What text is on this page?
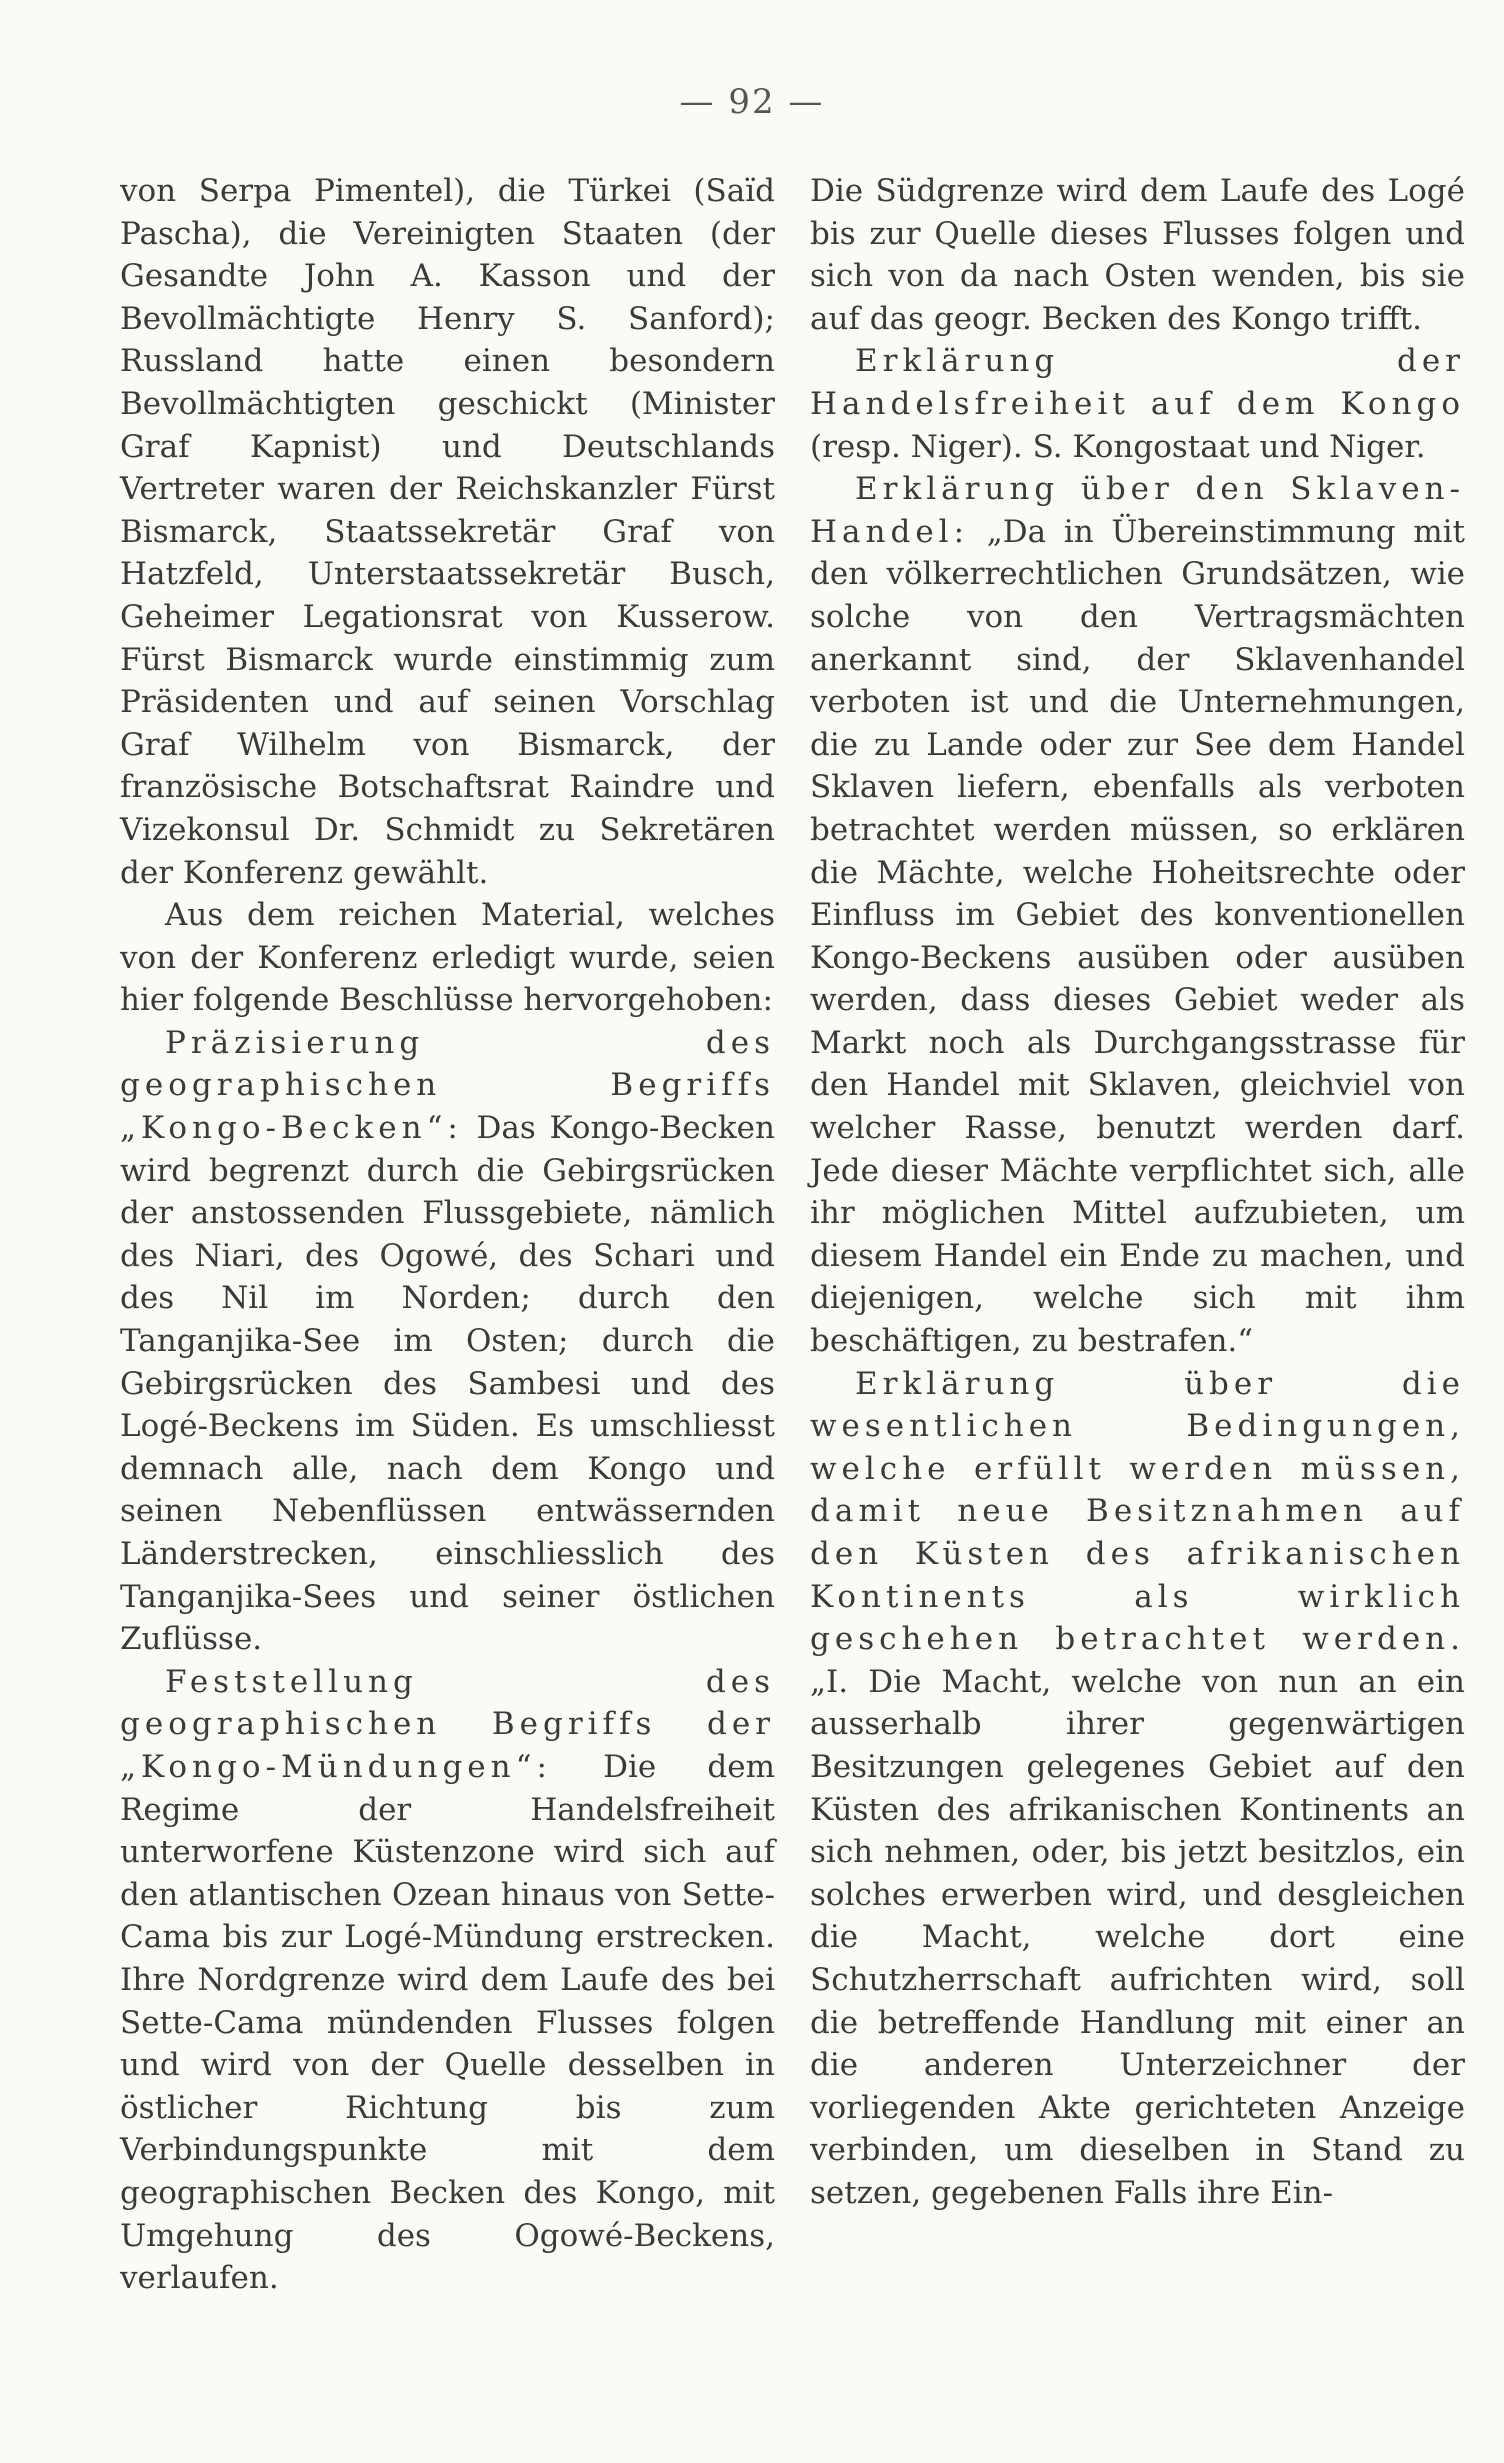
— 92 —

von Serpa Pimentel), die Türkei (Saïd Pascha), die Vereinigten Staaten (der Gesandte John A. Kasson und der Bevollmächtigte Henry S. Sanford); Russland hatte einen besondern Bevollmächtigten geschickt (Minister Graf Kapnist) und Deutschlands Vertreter waren der Reichskanzler Fürst Bismarck, Staatssekretär Graf von Hatzfeld, Unterstaatssekretär Busch, Geheimer Legationsrat von Kusserow. Fürst Bismarck wurde einstimmig zum Präsidenten und auf seinen Vorschlag Graf Wilhelm von Bismarck, der französische Botschaftsrat Raindre und Vizekonsul Dr. Schmidt zu Sekretären der Konferenz gewählt.

Aus dem reichen Material, welches von der Konferenz erledigt wurde, seien hier folgende Beschlüsse hervorgehoben:

Präzisierung des geographischen Begriffs „Kongo-Becken“: Das Kongo-Becken wird begrenzt durch die Gebirgsrücken der anstossenden Flussgebiete, nämlich des Niari, des Ogowé, des Schari und des Nil im Norden; durch den Tanganjika-See im Osten; durch die Gebirgsrücken des Sambesi und des Logé-Beckens im Süden. Es umschliesst demnach alle, nach dem Kongo und seinen Nebenflüssen entwässernden Länderstrecken, einschliesslich des Tanganjika-Sees und seiner östlichen Zuflüsse.

Feststellung des geographischen Begriffs der „Kongo-Mündungen“: Die dem Regime der Handelsfreiheit unterworfene Küstenzone wird sich auf den atlantischen Ozean hinaus von Sette-Cama bis zur Logé-Mündung erstrecken. Ihre Nordgrenze wird dem Laufe des bei Sette-Cama mündenden Flusses folgen und wird von der Quelle desselben in östlicher Richtung bis zum Verbindungspunkte mit dem geographischen Becken des Kongo, mit Umgehung des Ogowé-Beckens, verlaufen.

Die Südgrenze wird dem Laufe des Logé bis zur Quelle dieses Flusses folgen und sich von da nach Osten wenden, bis sie auf das geogr. Becken des Kongo trifft.

Erklärung der Handelsfreiheit auf dem Kongo (resp. Niger). S. Kongostaat und Niger.

Erklärung über den Sklaven-Handel: „Da in Übereinstimmung mit den völkerrechtlichen Grundsätzen, wie solche von den Vertragsmächten anerkannt sind, der Sklavenhandel verboten ist und die Unternehmungen, die zu Lande oder zur See dem Handel Sklaven liefern, ebenfalls als verboten betrachtet werden müssen, so erklären die Mächte, welche Hoheitsrechte oder Einfluss im Gebiet des konventionellen Kongo-Beckens ausüben oder ausüben werden, dass dieses Gebiet weder als Markt noch als Durchgangsstrasse für den Handel mit Sklaven, gleichviel von welcher Rasse, benutzt werden darf. Jede dieser Mächte verpflichtet sich, alle ihr möglichen Mittel aufzubieten, um diesem Handel ein Ende zu machen, und diejenigen, welche sich mit ihm beschäftigen, zu bestrafen.“

Erklärung über die wesentlichen Bedingungen, welche erfüllt werden müssen, damit neue Besitznahmen auf den Küsten des afrikanischen Kontinents als wirklich geschehen betrachtet werden. „I. Die Macht, welche von nun an ein ausserhalb ihrer gegenwärtigen Besitzungen gelegenes Gebiet auf den Küsten des afrikanischen Kontinents an sich nehmen, oder, bis jetzt besitzlos, ein solches erwerben wird, und desgleichen die Macht, welche dort eine Schutzherrschaft aufrichten wird, soll die betreffende Handlung mit einer an die anderen Unterzeichner der vorliegenden Akte gerichteten Anzeige verbinden, um dieselben in Stand zu setzen, gegebenen Falls ihre Ein-
